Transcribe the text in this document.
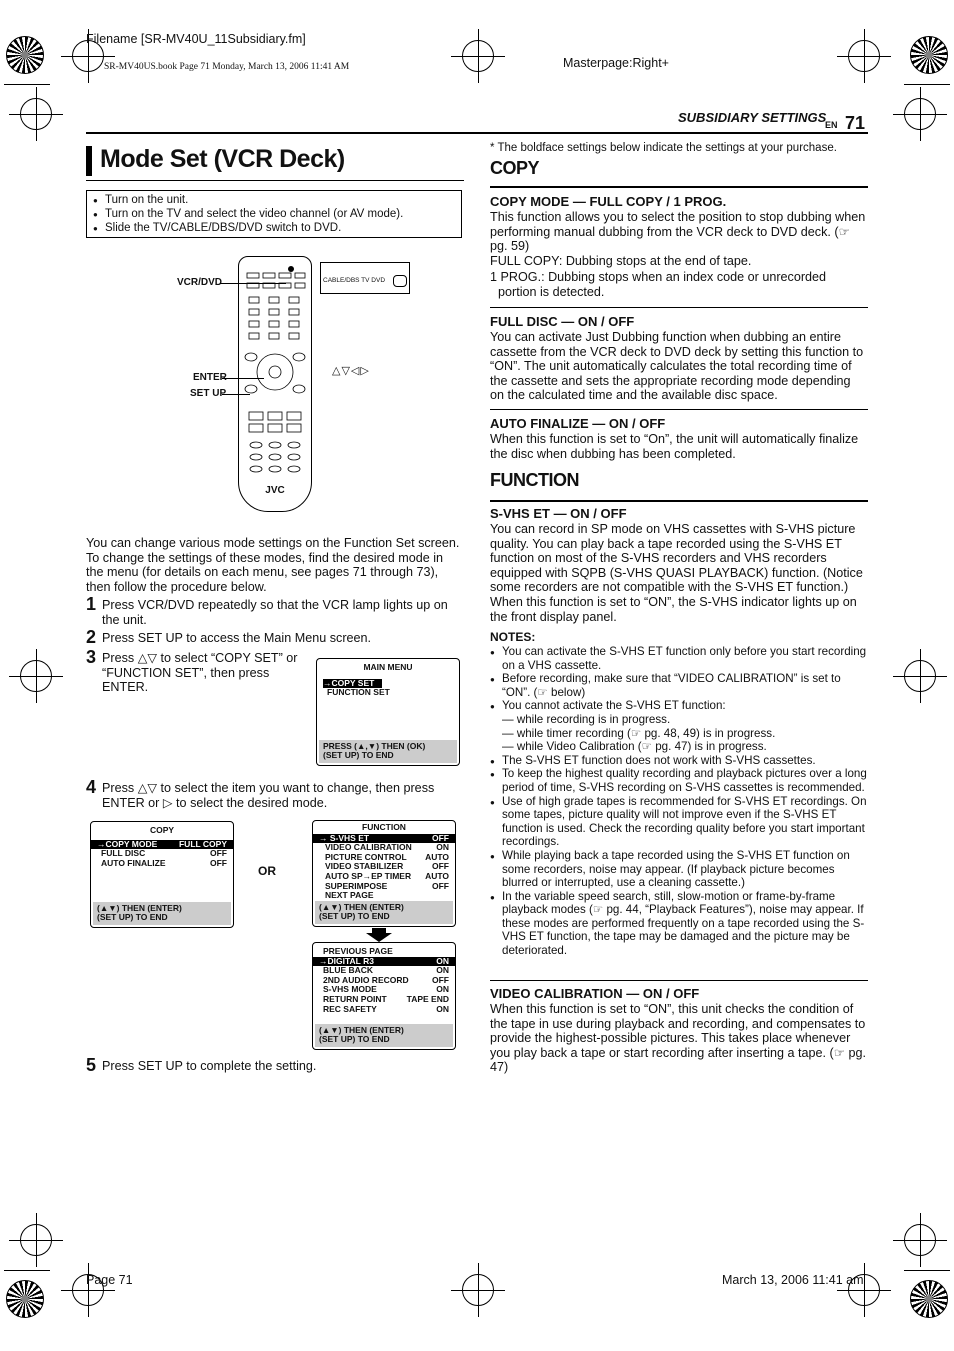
Filename [SR-MV40U_11Subsidiary.fm]
SR-MV40US.book Page 71 Monday, March 13, 2006 11:41 AM	Masterpage:Right+
SUBSIDIARY SETTINGS
EN 71
Mode Set (VCR Deck)
● Turn on the unit.
● Turn on the TV and select the video channel (or AV mode).
● Slide the TV/CABLE/DBS/DVD switch to DVD.
JVC
CABLE/DBS TV DVD
VCR/DVD
ENTER
SET UP
△▽◁▷
You can change various mode settings on the Function Set screen. To change the settings of these modes, find the desired mode in the menu (for details on each menu, see pages 71 through 73), then follow the procedure below.
1 Press VCR/DVD repeatedly so that the VCR lamp lights up on the unit.
2 Press SET UP to access the Main Menu screen.
3 Press △▽ to select “COPY SET” or “FUNCTION SET”, then press ENTER.
MAIN MENU
→COPY SET
FUNCTION SET
PRESS (▲,▼) THEN (OK)
(SET UP) TO END
4 Press △▽ to select the item you want to change, then press ENTER or ▷ to select the desired mode.
COPY
→COPY MODE	FULL COPY
FULL DISC	OFF
AUTO FINALIZE	OFF
(▲▼) THEN (ENTER)
(SET UP) TO END
OR
FUNCTION
→ S-VHS ET	OFF
VIDEO CALIBRATION	ON
PICTURE CONTROL AUTO
VIDEO STABILIZER	OFF
AUTO SP→EP TIMER AUTO
SUPERIMPOSE	OFF
NEXT PAGE
(▲▼) THEN (ENTER)
(SET UP) TO END
PREVIOUS PAGE
→DIGITAL R3	ON
BLUE BACK	ON
2ND AUDIO RECORD	OFF
S-VHS MODE	ON
RETURN POINT TAPE END
REC SAFETY	ON
(▲▼) THEN (ENTER)
(SET UP) TO END
5 Press SET UP to complete the setting.
* The boldface settings below indicate the settings at your purchase.
COPY
COPY MODE — FULL COPY / 1 PROG.
This function allows you to select the position to stop dubbing when performing manual dubbing from the VCR deck to DVD deck. (☞ pg. 59)
FULL COPY: Dubbing stops at the end of tape.
1 PROG.: Dubbing stops when an index code or unrecorded portion is detected.
FULL DISC — ON / OFF
You can activate Just Dubbing function when dubbing an entire cassette from the VCR deck to DVD deck by setting this function to “ON”. The unit automatically calculates the total recording time of the cassette and sets the appropriate recording mode depending on the calculated time and the available disc space.
AUTO FINALIZE — ON / OFF
When this function is set to “On”, the unit will automatically finalize the disc when dubbing has been completed.
FUNCTION
S-VHS ET — ON / OFF
You can record in SP mode on VHS cassettes with S-VHS picture quality. You can play back a tape recorded using the S-VHS ET function on most of the S-VHS recorders and VHS recorders equipped with SQPB (S-VHS QUASI PLAYBACK) function. (Notice some recorders are not compatible with the S-VHS ET function.) When this function is set to “ON”, the S-VHS indicator lights up on the front display panel.
NOTES:
● You can activate the S-VHS ET function only before you start recording on a VHS cassette.
● Before recording, make sure that “VIDEO CALIBRATION” is set to “ON”. (☞ below)
● You cannot activate the S-VHS ET function:
— while recording is in progress.
— while timer recording (☞ pg. 48, 49) is in progress.
— while Video Calibration (☞ pg. 47) is in progress.
● The S-VHS ET function does not work with S-VHS cassettes.
● To keep the highest quality recording and playback pictures over a long period of time, S-VHS recording on S-VHS cassettes is recommended.
● Use of high grade tapes is recommended for S-VHS ET recordings. On some tapes, picture quality will not improve even if the S-VHS ET function is used. Check the recording quality before you start important recordings.
● While playing back a tape recorded using the S-VHS ET function on some recorders, noise may appear. (If playback picture becomes blurred or interrupted, use a cleaning cassette.)
● In the variable speed search, still, slow-motion or frame-by-frame playback modes (☞ pg. 44, “Playback Features”), noise may appear. If these modes are performed frequently on a tape recorded using the S-VHS ET function, the tape may be damaged and the picture may be deteriorated.
VIDEO CALIBRATION — ON / OFF
When this function is set to “ON”, this unit checks the condition of the tape in use during playback and recording, and compensates to provide the highest-possible pictures. This takes place whenever you play back a tape or start recording after inserting a tape. (☞ pg. 47)
Page 71	March 13, 2006 11:41 am
